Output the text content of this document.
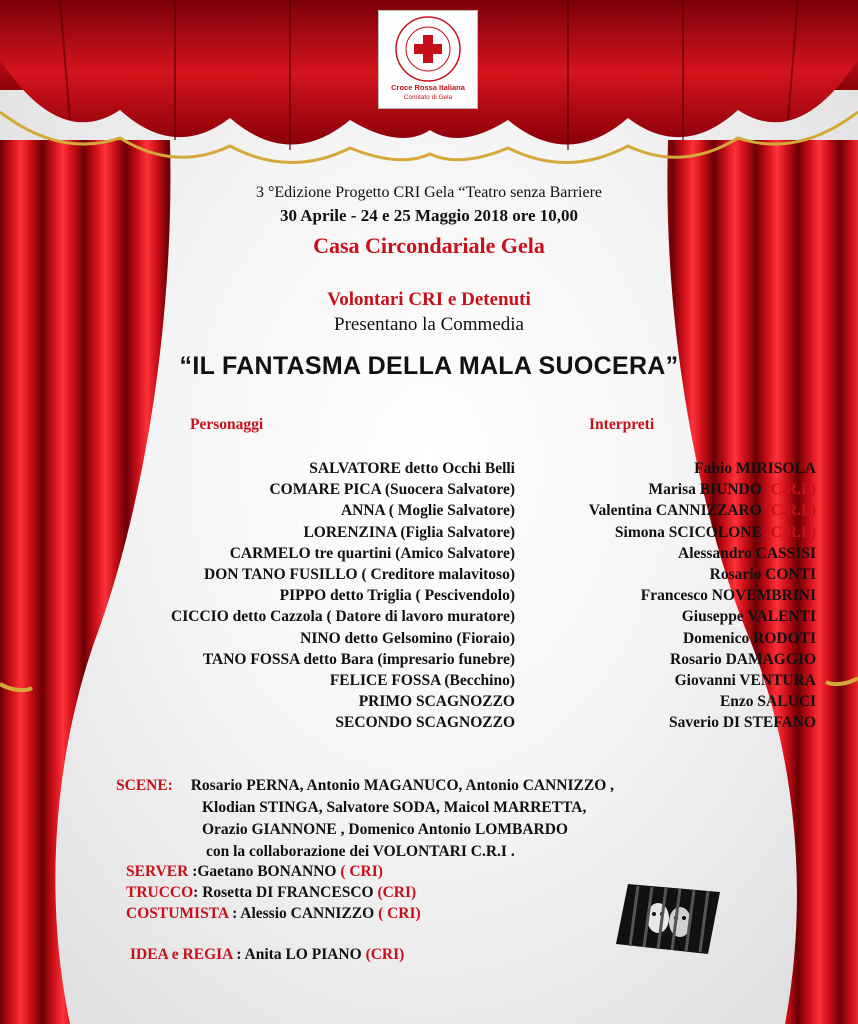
Croce Rossa Italiana
Comitato di Gela
3 °Edizione Progetto CRI Gela “Teatro senza Barriere
30 Aprile - 24 e 25 Maggio 2018 ore 10,00
Casa Circondariale Gela
Volontari CRI e Detenuti
Presentano la Commedia
“IL FANTASMA DELLA MALA SUOCERA”
Personaggi	Interpreti
SALVATORE detto Occhi Belli
COMARE PICA (Suocera Salvatore)
ANNA ( Moglie Salvatore)
LORENZINA (Figlia Salvatore)
CARMELO tre quartini (Amico Salvatore)
DON TANO FUSILLO ( Creditore malavitoso)
PIPPO detto Triglia ( Pescivendolo)
CICCIO detto Cazzola ( Datore di lavoro muratore)
NINO detto Gelsomino (Fioraio)
TANO FOSSA detto Bara (impresario funebre)
FELICE FOSSA (Becchino)
PRIMO SCAGNOZZO
SECONDO SCAGNOZZO
Fabio MIRISOLA
Marisa BIUNDO (C.R.I.)
Valentina CANNIZZARO (C.R.I.)
Simona SCICOLONE (C.R.I.)
Alessandro CASSISI
Rosario CONTI
Francesco NOVEMBRINI
Giuseppe VALENTI
Domenico RODOTI
Rosario DAMAGGIO
Giovanni VENTURA
Enzo SALUCI
Saverio DI STEFANO
SCENE: Rosario PERNA, Antonio MAGANUCO, Antonio CANNIZZO ,
Klodian STINGA, Salvatore SODA, Maicol MARRETTA,
Orazio GIANNONE , Domenico Antonio LOMBARDO
con la collaborazione dei VOLONTARI C.R.I .
SERVER :Gaetano BONANNO ( CRI)
TRUCCO: Rosetta DI FRANCESCO (CRI)
COSTUMISTA : Alessio CANNIZZO ( CRI)
IDEA e REGIA : Anita LO PIANO (CRI)
